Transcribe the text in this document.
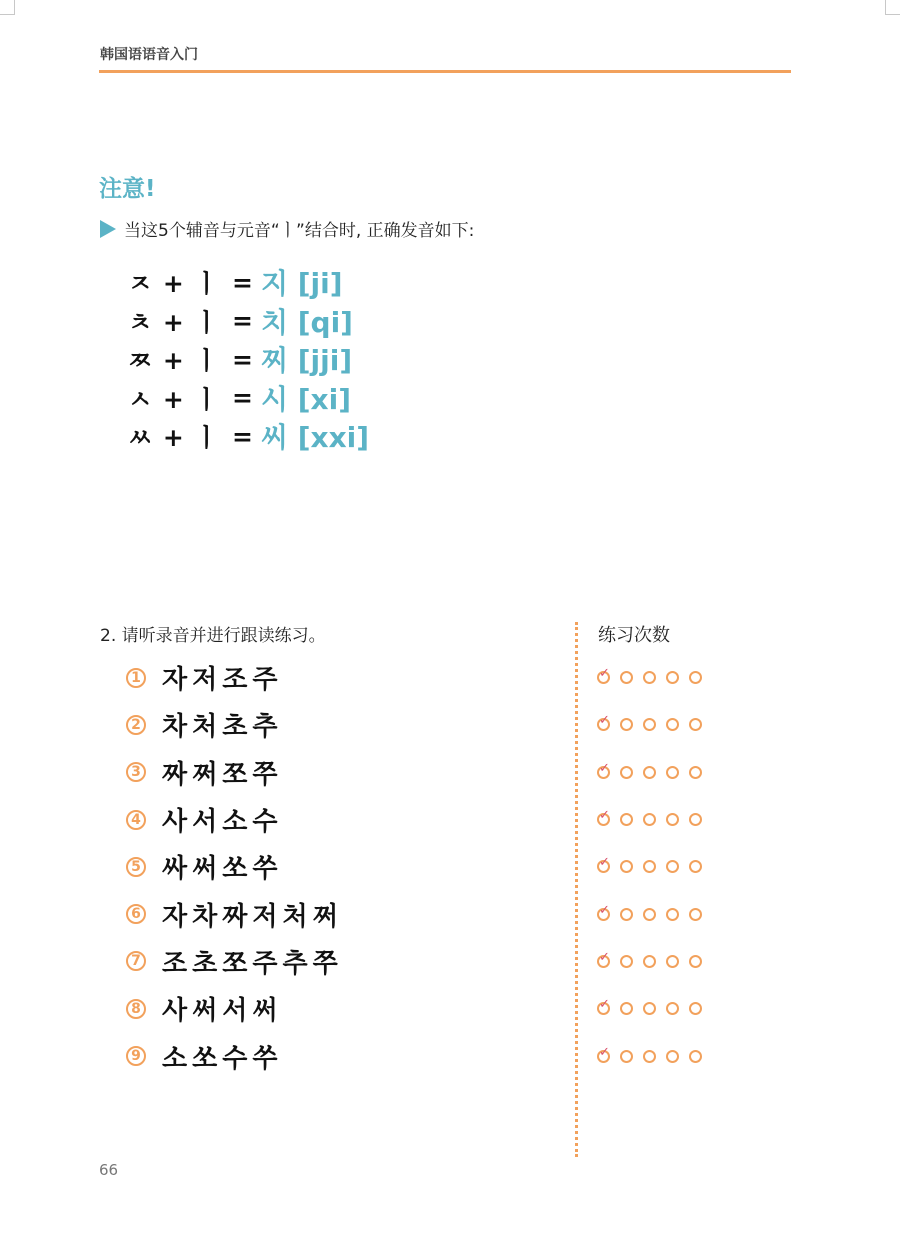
韩国语语音入门
注意!
当这5个辅音与元音“ㅣ”结合时, 正确发音如下:
ㅈ + ㅣ = 지 [ji]
ㅊ + ㅣ = 치 [qi]
ㅉ + ㅣ = 찌 [jji]
ㅅ + ㅣ = 시 [xi]
ㅆ + ㅣ = 씨 [xxi]
2. 请听录音并进行跟读练习。	练习次数
1 자저조주
2 차처초추
3 짜쩌쪼쭈
4 사서소수
5 싸써쏘쑤
6 자차짜저처쩌
7 조초쪼주추쭈
8 사써서써
9 소쏘수쑤
✓
✓
✓
✓
✓
✓
✓
✓
✓
66
